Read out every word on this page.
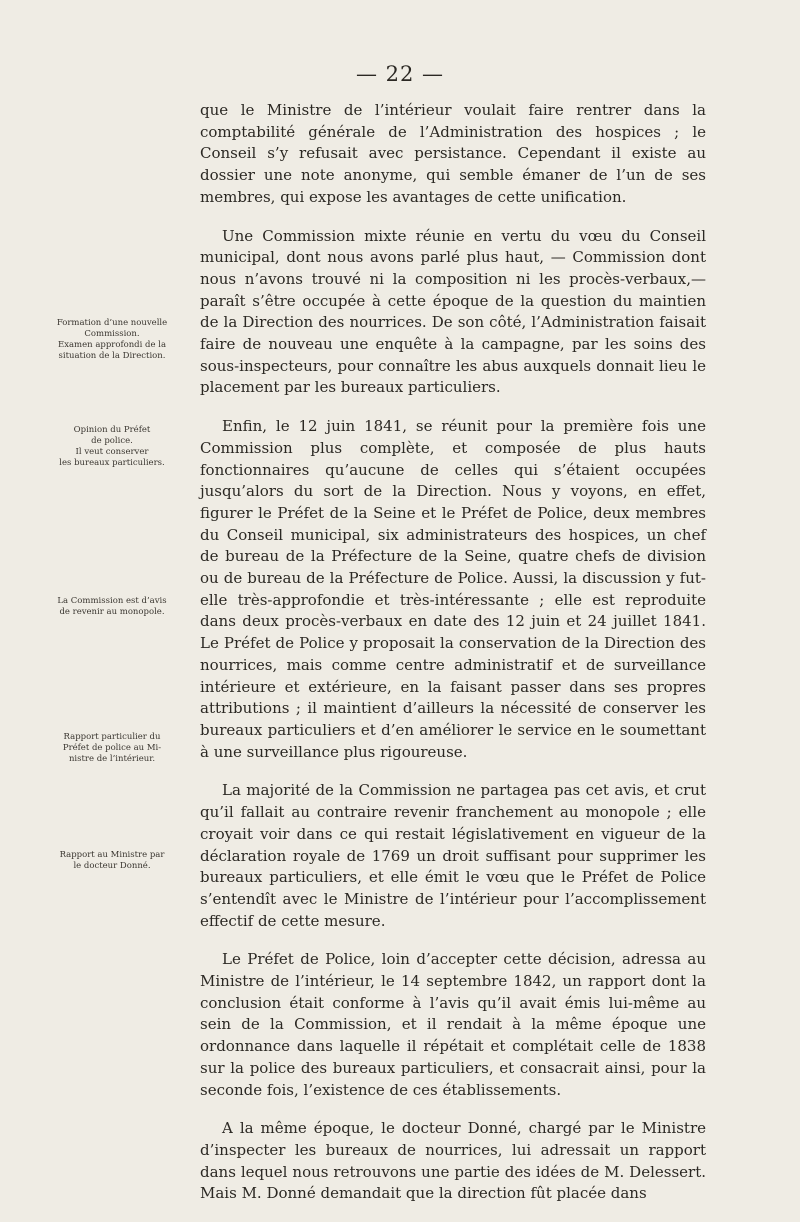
— 22 —

que le Ministre de l’intérieur voulait faire rentrer dans la comptabilité générale de l’Administration des hospices ; le Conseil s’y refusait avec persistance. Cependant il existe au dossier une note anonyme, qui semble émaner de l’un de ses membres, qui expose les avantages de cette unification.

Une Commission mixte réunie en vertu du vœu du Conseil municipal, dont nous avons parlé plus haut, — Commission dont nous n’avons trouvé ni la composition ni les procès-verbaux,— paraît s’être occupée à cette époque de la question du maintien de la Direction des nourrices. De son côté, l’Administration faisait faire de nouveau une enquête à la campagne, par les soins des sous-inspecteurs, pour connaître les abus auxquels donnait lieu le placement par les bureaux particuliers.

Enfin, le 12 juin 1841, se réunit pour la première fois une Commission plus complète, et composée de plus hauts fonctionnaires qu’aucune de celles qui s’étaient occupées jusqu’alors du sort de la Direction. Nous y voyons, en effet, figurer le Préfet de la Seine et le Préfet de Police, deux membres du Conseil municipal, six administrateurs des hospices, un chef de bureau de la Préfecture de la Seine, quatre chefs de division ou de bureau de la Préfecture de Police. Aussi, la discussion y fut-elle très-approfondie et très-intéressante ; elle est reproduite dans deux procès-verbaux en date des 12 juin et 24 juillet 1841. Le Préfet de Police y proposait la conservation de la Direction des nourrices, mais comme centre administratif et de surveillance intérieure et extérieure, en la faisant passer dans ses propres attributions ; il maintient d’ailleurs la nécessité de conserver les bureaux particuliers et d’en améliorer le service en le soumettant à une surveillance plus rigoureuse.

La majorité de la Commission ne partagea pas cet avis, et crut qu’il fallait au contraire revenir franchement au monopole ; elle croyait voir dans ce qui restait législativement en vigueur de la déclaration royale de 1769 un droit suffisant pour supprimer les bureaux particuliers, et elle émit le vœu que le Préfet de Police s’entendît avec le Ministre de l’intérieur pour l’accomplissement effectif de cette mesure.

Le Préfet de Police, loin d’accepter cette décision, adressa au Ministre de l’intérieur, le 14 septembre 1842, un rapport dont la conclusion était conforme à l’avis qu’il avait émis lui-même au sein de la Commission, et il rendait à la même époque une ordonnance dans laquelle il répétait et complétait celle de 1838 sur la police des bureaux particuliers, et consacrait ainsi, pour la seconde fois, l’existence de ces établissements.

A la même époque, le docteur Donné, chargé par le Ministre d’inspecter les bureaux de nourrices, lui adressait un rapport dans lequel nous retrouvons une partie des idées de M. Delessert. Mais M. Donné demandait que la direction fût placée dans

Formation d’une nouvelle
Commission.
Examen approfondi de la
situation de la Direction.
Opinion du Préfet
de police.
Il veut conserver
les bureaux particuliers.
La Commission est d’avis
de revenir au monopole.
Rapport particulier du
Préfet de police au Mi-
nistre de l’intérieur.
Rapport au Ministre par
le docteur Donné.
